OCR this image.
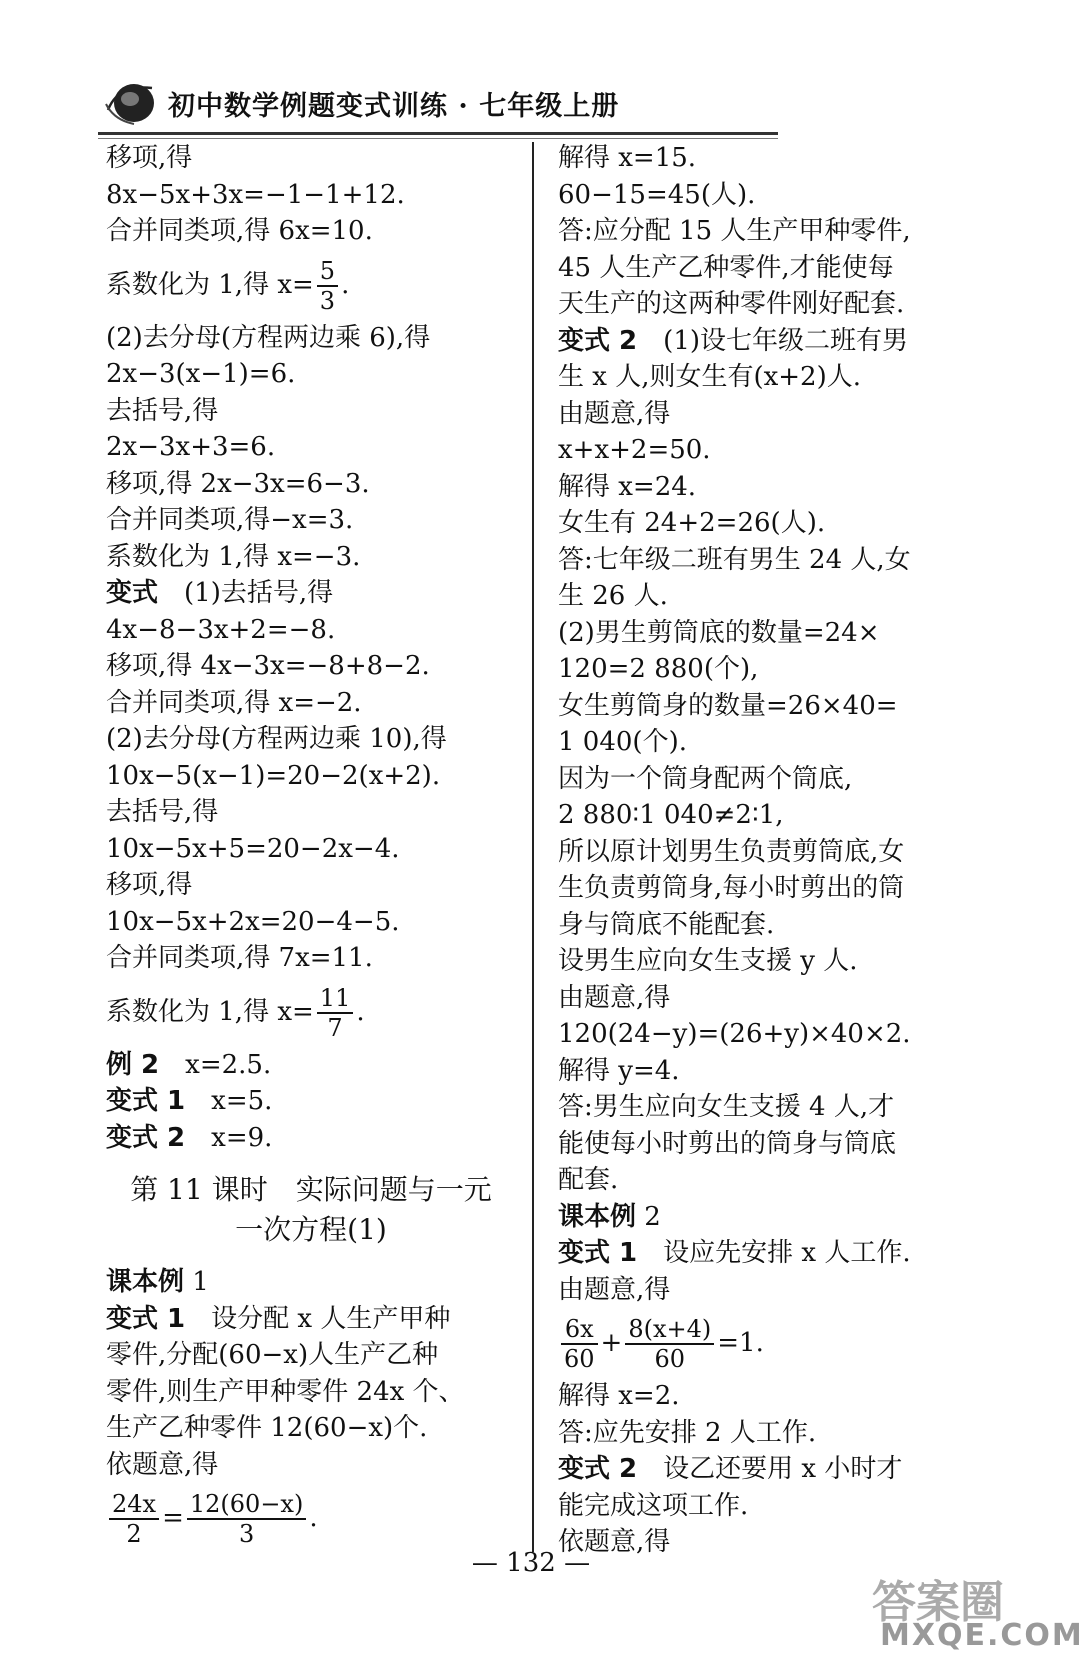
初中数学例题变式训练 · 七年级上册
移项,得
8x−5x+3x=−1−1+12.
合并同类项,得 6x=10.
系数化为 1,得 $x= \frac{5}{3}$ .
(2)去分母(方程两边乘 6),得
2x−3(x−1)=6.
去括号,得
2x−3x+3=6.
移项,得 2x−3x=6−3.
合并同类项,得−x=3.
系数化为 1,得 x=−3.
变式　 (1)去括号,得
4x−8−3x+2=−8.
移项,得 4x−3x=−8+8−2.
合并同类项,得 x=−2.
(2)去分母(方程两边乘 10),得
10x−5(x−1)=20−2(x+2).
去括号,得
10x−5x+5=20−2x−4.
移项,得
10x−5x+2x=20−4−5.
合并同类项,得 7x=11.
系数化为 1,得 $x= \frac{11}{7}$ .
例 2　 x=2.5.
变式 1　 x=5.
变式 2　 x=9.
第 11 课时　实际问题与一元
一次方程(1)
课本例 1
变式 1　 设分配 x 人生产甲种
零件,分配(60−x)人生产乙种
零件,则生产甲种零件 24x 个、
生产乙种零件 12(60−x)个.
依题意,得
$\frac{24x}{2} = \frac{12(60-x)}{3}$ .
解得 x=15.
60−15=45(人).
答:应分配 15 人生产甲种零件,
45 人生产乙种零件,才能使每
天生产的这两种零件刚好配套.
变式 2　 (1)设七年级二班有男
生 x 人,则女生有(x+2)人.
由题意,得
x+x+2=50.
解得 x=24.
女生有 24+2=26(人).
答:七年级二班有男生 24 人,女
生 26 人.
(2)男生剪筒底的数量=24×
120=2 880(个),
女生剪筒身的数量=26×40=
1 040(个).
因为一个筒身配两个筒底,
2 880∶1 040≠2∶1,
所以原计划男生负责剪筒底,女
生负责剪筒身,每小时剪出的筒
身与筒底不能配套.
设男生应向女生支援 y 人.
由题意,得
120(24−y)=(26+y)×40×2.
解得 y=4.
答:男生应向女生支援 4 人,才
能使每小时剪出的筒身与筒底
配套.
课本例 2
变式 1　 设应先安排 x 人工作.
由题意,得
$\frac{6x}{60} + \frac{8(x+4)}{60} =1$.
解得 x=2.
答:应先安排 2 人工作.
变式 2　 设乙还要用 x 小时才
能完成这项工作.
依题意,得
— 132 —
答案圈
MXQE.COM
